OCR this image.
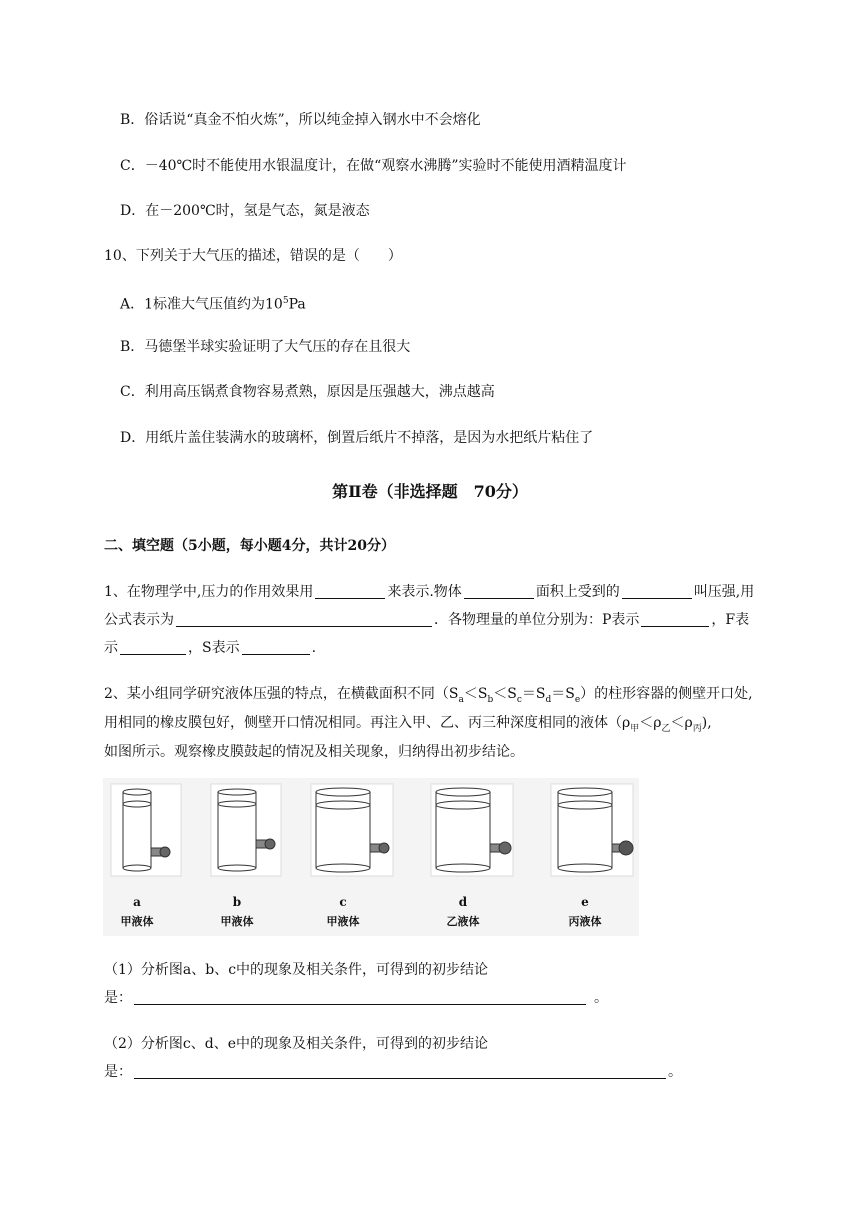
B．俗话说“真金不怕火炼”，所以纯金掉入钢水中不会熔化
C．－40℃时不能使用水银温度计，在做“观察水沸腾”实验时不能使用酒精温度计
D．在－200℃时，氢是气态，氮是液态
10、下列关于大气压的描述，错误的是（　　）
A．1标准大气压值约为$10^5Pa$
B．马德堡半球实验证明了大气压的存在且很大
C．利用高压锅煮食物容易煮熟，原因是压强越大，沸点越高
D．用纸片盖住装满水的玻璃杯，倒置后纸片不掉落，是因为水把纸片粘住了
第Ⅱ卷（非选择题　70分）
二、填空题（5小题，每小题4分，共计20分）
1、在物理学中,压力的作用效果用	来表示.物体	面积上受到的	叫压强,用
公式表示为	．各物理量的单位分别为：P表示	，F表
示	，S表示	.
2、某小组同学研究液体压强的特点，在横截面积不同$(S_a<S_b<S_c=S_d=S_e)$的柱形容器的侧壁开口处,
用相同的橡皮膜包好，侧壁开口情况相同。再注入甲、乙、丙三种深度相同的液体$(\rho_甲<\rho_乙<\rho_丙)$,
如图所示。观察橡皮膜鼓起的情况及相关现象，归纳得出初步结论。
a	b	c	d	e
甲液体	甲液体	甲液体	乙液体	丙液体
（1）分析图a、b、c中的现象及相关条件，可得到的初步结论
是：	。
（2）分析图c、d、e中的现象及相关条件，可得到的初步结论
是：	。
